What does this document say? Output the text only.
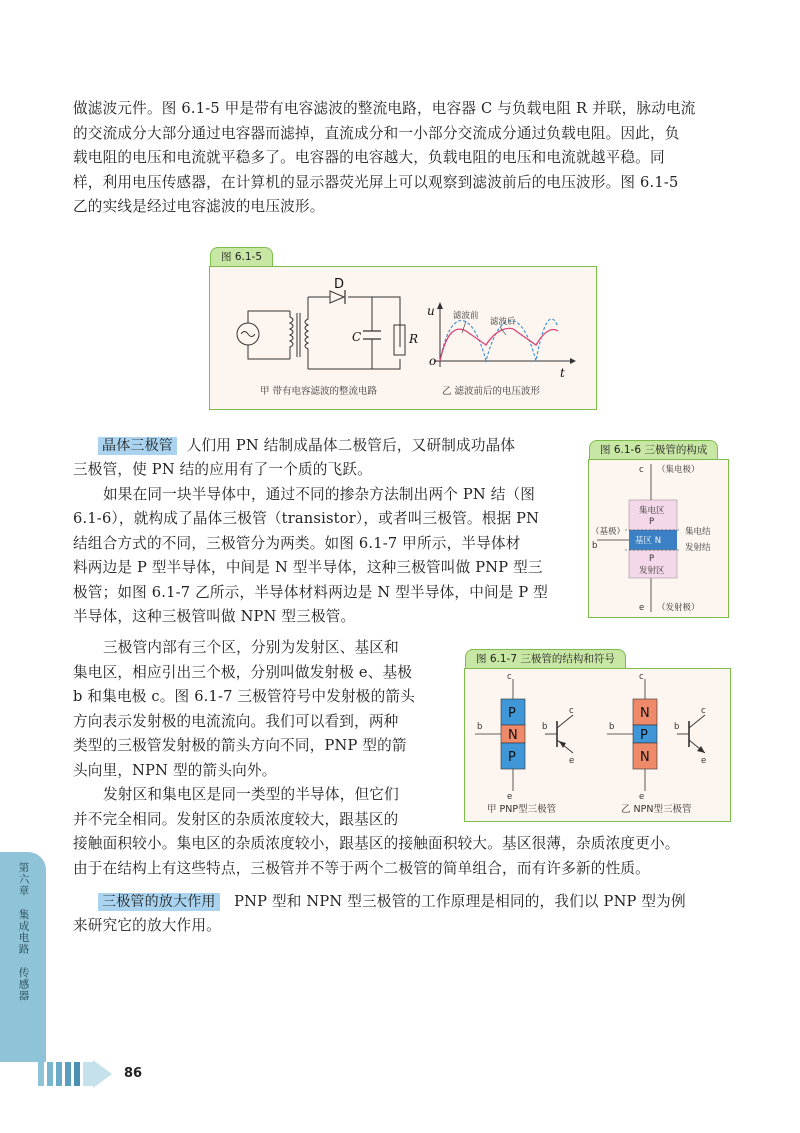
做滤波元件。图 6.1-5 甲是带有电容滤波的整流电路，电容器 C 与负载电阻 R 并联，脉动电流
的交流成分大部分通过电容器而滤掉，直流成分和一小部分交流成分通过负载电阻。因此，负
载电阻的电压和电流就平稳多了。电容器的电容越大，负载电阻的电压和电流就越平稳。同
样，利用电压传感器，在计算机的显示器荧光屏上可以观察到滤波前后的电压波形。图 6.1-5
乙的实线是经过电容滤波的电压波形。
图 6.1-5
D
C	R
甲 带有电容滤波的整流电路
u
o
t
滤波前
滤波后
乙 滤波前后的电压波形
晶体三极管 人们用 PN 结制成晶体二极管后，又研制成功晶体
三极管，使 PN 结的应用有了一个质的飞跃。
如果在同一块半导体中，通过不同的掺杂方法制出两个 PN 结（图
6.1-6），就构成了晶体三极管（transistor），或者叫三极管。根据 PN
结组合方式的不同，三极管分为两类。如图 6.1-7 甲所示，半导体材
料两边是 P 型半导体，中间是 N 型半导体，这种三极管叫做 PNP 型三
极管；如图 6.1-7 乙所示，半导体材料两边是 N 型半导体，中间是 P 型
半导体，这种三极管叫做 NPN 型三极管。
图 6.1-6 三极管的构成
c （集电极）
（基极）
b
e （发射极）
集电区
P
基区 N
P
发射区
集电结
发射结
三极管内部有三个区，分别为发射区、基区和
集电区，相应引出三个极，分别叫做发射极 e、基极
b 和集电极 c。图 6.1-7 三极管符号中发射极的箭头
方向表示发射极的电流流向。我们可以看到，两种
类型的三极管发射极的箭头方向不同，PNP 型的箭
头向里，NPN 型的箭头向外。
发射区和集电区是同一类型的半导体，但它们
并不完全相同。发射区的杂质浓度较大，跟基区的
图 6.1-7 三极管的结构和符号
c
b
e
P
N
P
b
c
e
甲 PNP型三极管
c
b
e
N
P
N
b
c
e
乙 NPN型三极管
接触面积较小。集电区的杂质浓度较小，跟基区的接触面积较大。基区很薄，杂质浓度更小。
由于在结构上有这些特点，三极管并不等于两个二极管的简单组合，而有许多新的性质。
三极管的放大作用 PNP 型和 NPN 型三极管的工作原理是相同的，我们以 PNP 型为例
来研究它的放大作用。
第六章
集成电路
传感器
86
